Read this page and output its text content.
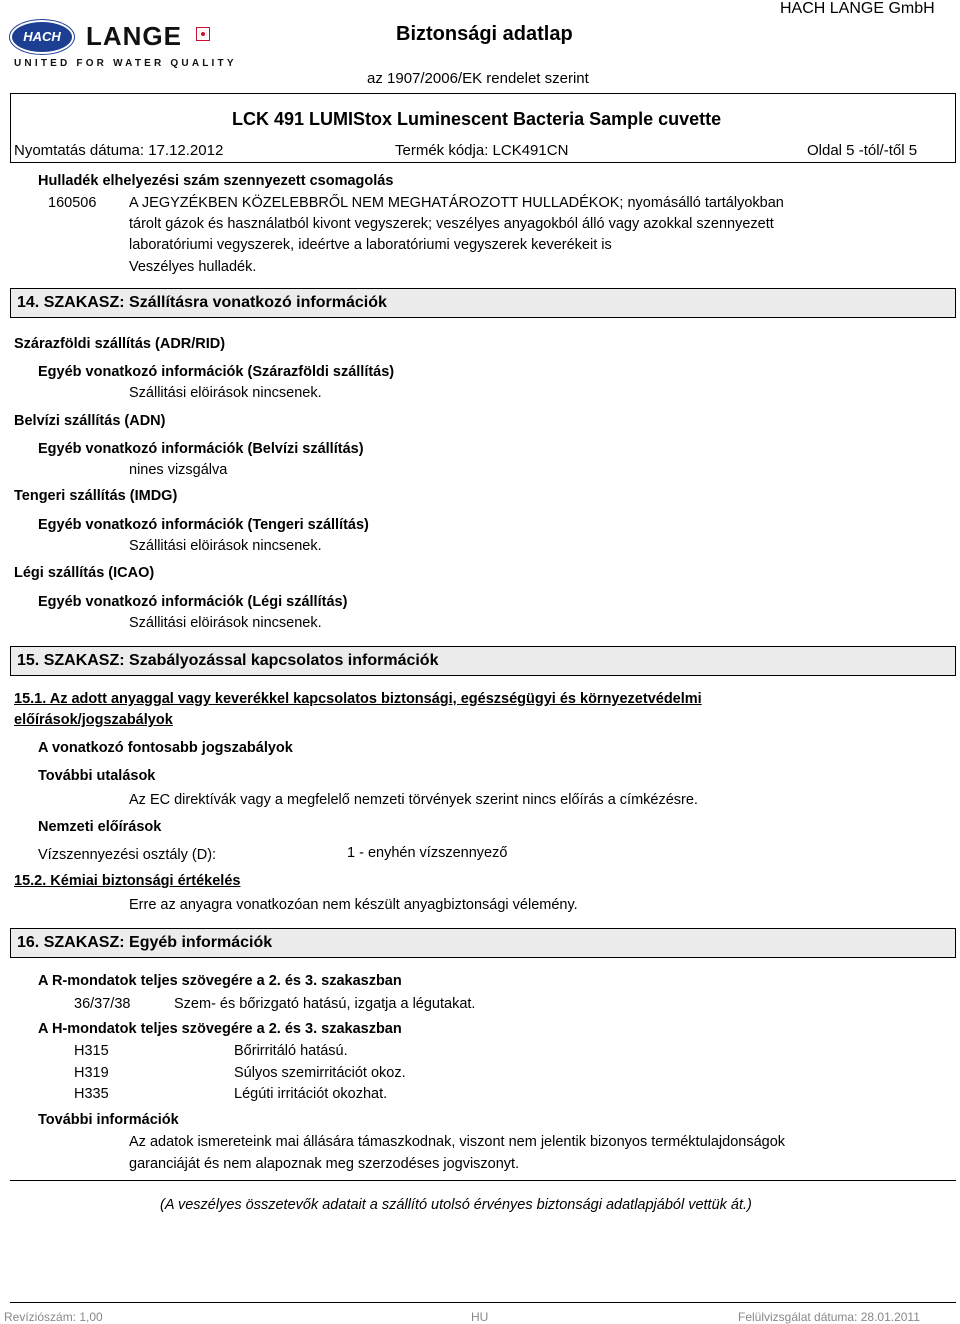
HACH LANGE
UNITED FOR WATER QUALITY
Biztonsági adatlap
HACH LANGE GmbH
az 1907/2006/EK rendelet szerint
LCK 491 LUMIStox Luminescent Bacteria Sample cuvette
Nyomtatás dátuma: 17.12.2012	Termék kódja: LCK491CN	Oldal 5 -tól/-től 5
Hulladék elhelyezési szám szennyezett csomagolás
160506 A JEGYZÉKBEN KÖZELEBBRŐL NEM MEGHATÁROZOTT HULLADÉKOK; nyomásálló tartályokban
tárolt gázok és használatból kivont vegyszerek; veszélyes anyagokból álló vagy azokkal szennyezett
laboratóriumi vegyszerek, ideértve a laboratóriumi vegyszerek keverékeit is
Veszélyes hulladék.
14. SZAKASZ: Szállításra vonatkozó információk
Szárazföldi szállítás (ADR/RID)
Egyéb vonatkozó információk (Szárazföldi szállítás)
Szállitási elöirások nincsenek.
Belvízi szállítás (ADN)
Egyéb vonatkozó információk (Belvízi szállítás)
nines vizsgálva
Tengeri szállítás (IMDG)
Egyéb vonatkozó információk (Tengeri szállítás)
Szállitási elöirások nincsenek.
Légi szállítás (ICAO)
Egyéb vonatkozó információk (Légi szállítás)
Szállitási elöirások nincsenek.
15. SZAKASZ: Szabályozással kapcsolatos információk
15.1. Az adott anyaggal vagy keverékkel kapcsolatos biztonsági, egészségügyi és környezetvédelmi
előírások/jogszabályok
A vonatkozó fontosabb jogszabályok
További utalások
Az EC direktívák vagy a megfelelő nemzeti törvények szerint nincs előírás a címkézésre.
Nemzeti előírások
Vízszennyezési osztály (D):	1 - enyhén vízszennyező
15.2. Kémiai biztonsági értékelés
Erre az anyagra vonatkozóan nem készült anyagbiztonsági vélemény.
16. SZAKASZ: Egyéb információk
A R-mondatok teljes szövegére a 2. és 3. szakaszban
36/37/38	Szem- és bőrizgató hatású, izgatja a légutakat.
A H-mondatok teljes szövegére a 2. és 3. szakaszban
H315	Bőrirritáló hatású.
H319	Súlyos szemirritációt okoz.
H335	Légúti irritációt okozhat.
További információk
Az adatok ismereteink mai állására támaszkodnak, viszont nem jelentik bizonyos terméktulajdonságok
garanciáját és nem alapoznak meg szerzodéses jogviszonyt.
(A veszélyes összetevők adatait a szállító utolsó érvényes biztonsági adatlapjából vettük át.)
Revíziószám: 1,00	HU	Felülvizsgálat dátuma: 28.01.2011
